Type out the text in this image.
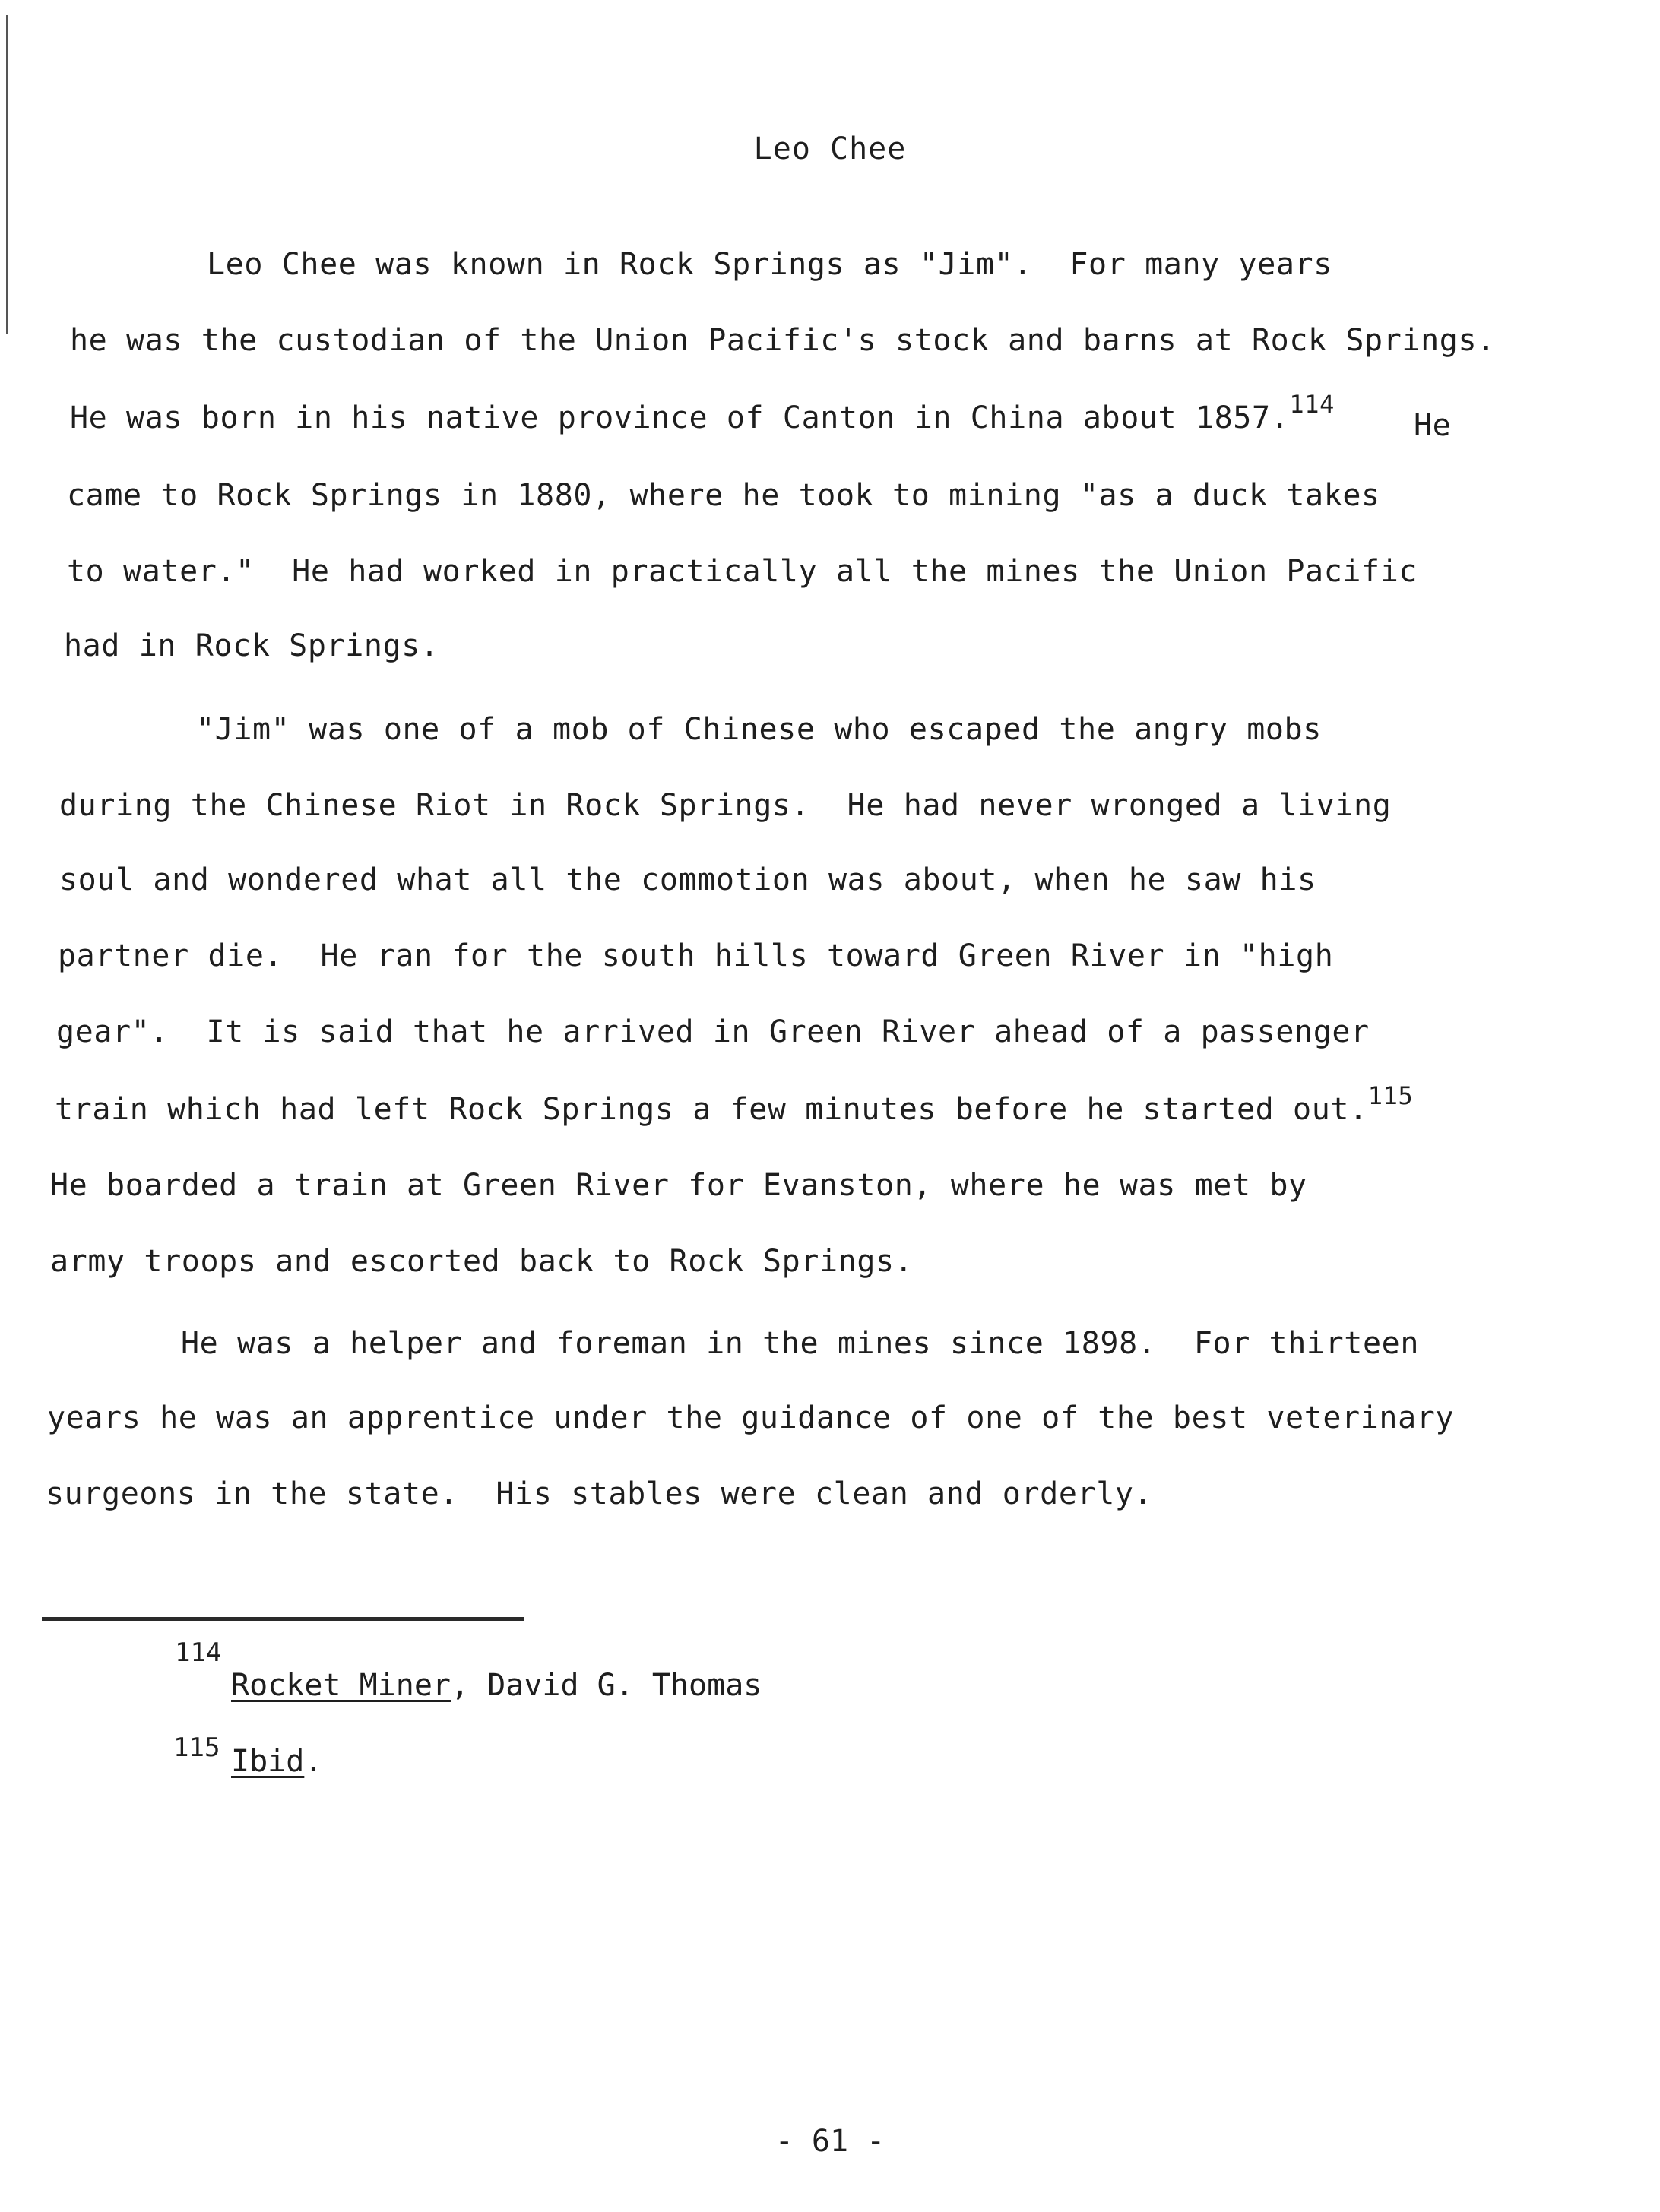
Leo Chee
Leo Chee was known in Rock Springs as "Jim".  For many years
he was the custodian of the Union Pacific's stock and barns at Rock Springs.
He was born in his native province of Canton in China about 1857.$^{114}$
He
came to Rock Springs in 1880, where he took to mining "as a duck takes
to water."  He had worked in practically all the mines the Union Pacific
had in Rock Springs.
"Jim" was one of a mob of Chinese who escaped the angry mobs
during the Chinese Riot in Rock Springs.  He had never wronged a living
soul and wondered what all the commotion was about, when he saw his
partner die.  He ran for the south hills toward Green River in "high
gear".  It is said that he arrived in Green River ahead of a passenger
train which had left Rock Springs a few minutes before he started out.$^{115}$
He boarded a train at Green River for Evanston, where he was met by
army troops and escorted back to Rock Springs.
He was a helper and foreman in the mines since 1898.  For thirteen
years he was an apprentice under the guidance of one of the best veterinary
surgeons in the state.  His stables were clean and orderly.
114
Rocket Miner, David G. Thomas
115 Ibid.
- 61 -
